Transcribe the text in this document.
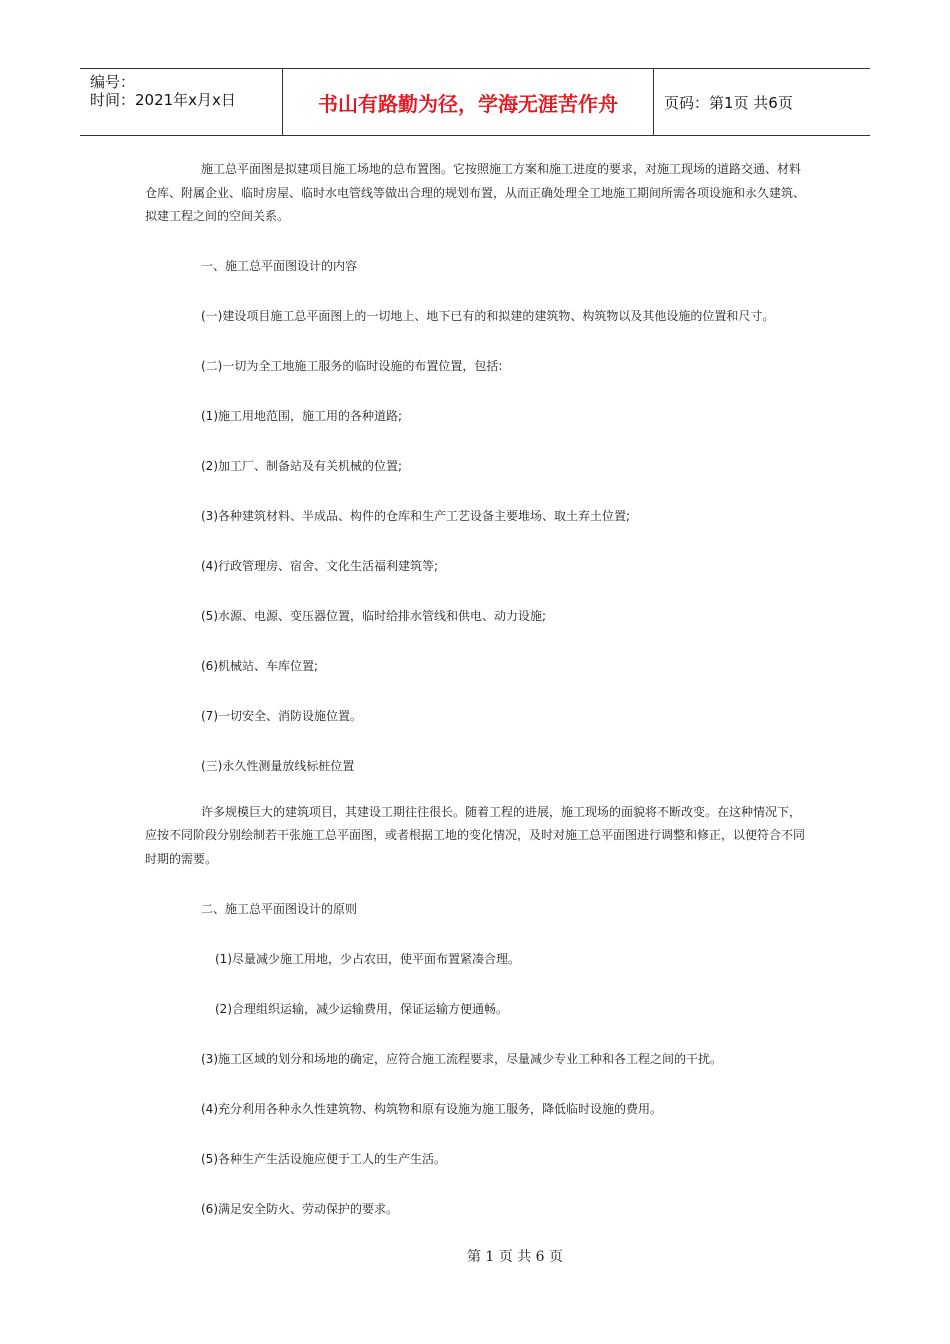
编号：
时间：2021年x月x日	书山有路勤为径，学海无涯苦作舟	页码：第1页 共6页

施工总平面图是拟建项目施工场地的总布置图。它按照施工方案和施工进度的要求，对施工现场的道路交通、材料仓库、附属企业、临时房屋、临时水电管线等做出合理的规划布置，从而正确处理全工地施工期间所需各项设施和永久建筑、拟建工程之间的空间关系。

一、施工总平面图设计的内容

(一)建设项目施工总平面图上的一切地上、地下已有的和拟建的建筑物、构筑物以及其他设施的位置和尺寸。

(二)一切为全工地施工服务的临时设施的布置位置，包括:

(1)施工用地范围，施工用的各种道路;

(2)加工厂、制备站及有关机械的位置;

(3)各种建筑材料、半成品、构件的仓库和生产工艺设备主要堆场、取土弃土位置;

(4)行政管理房、宿舍、文化生活福利建筑等;

(5)水源、电源、变压器位置，临时给排水管线和供电、动力设施;

(6)机械站、车库位置;

(7)一切安全、消防设施位置。

(三)永久性测量放线标桩位置

许多规模巨大的建筑项目，其建设工期往往很长。随着工程的进展，施工现场的面貌将不断改变。在这种情况下，应按不同阶段分别绘制若干张施工总平面图，或者根据工地的变化情况，及时对施工总平面图进行调整和修正，以便符合不同时期的需要。

二、施工总平面图设计的原则

(1)尽量减少施工用地，少占农田，使平面布置紧凑合理。

(2)合理组织运输，减少运输费用，保证运输方便通畅。

(3)施工区域的划分和场地的确定，应符合施工流程要求，尽量减少专业工种和各工程之间的干扰。

(4)充分利用各种永久性建筑物、构筑物和原有设施为施工服务，降低临时设施的费用。

(5)各种生产生活设施应便于工人的生产生活。

(6)满足安全防火、劳动保护的要求。

第 1 页 共 6 页
